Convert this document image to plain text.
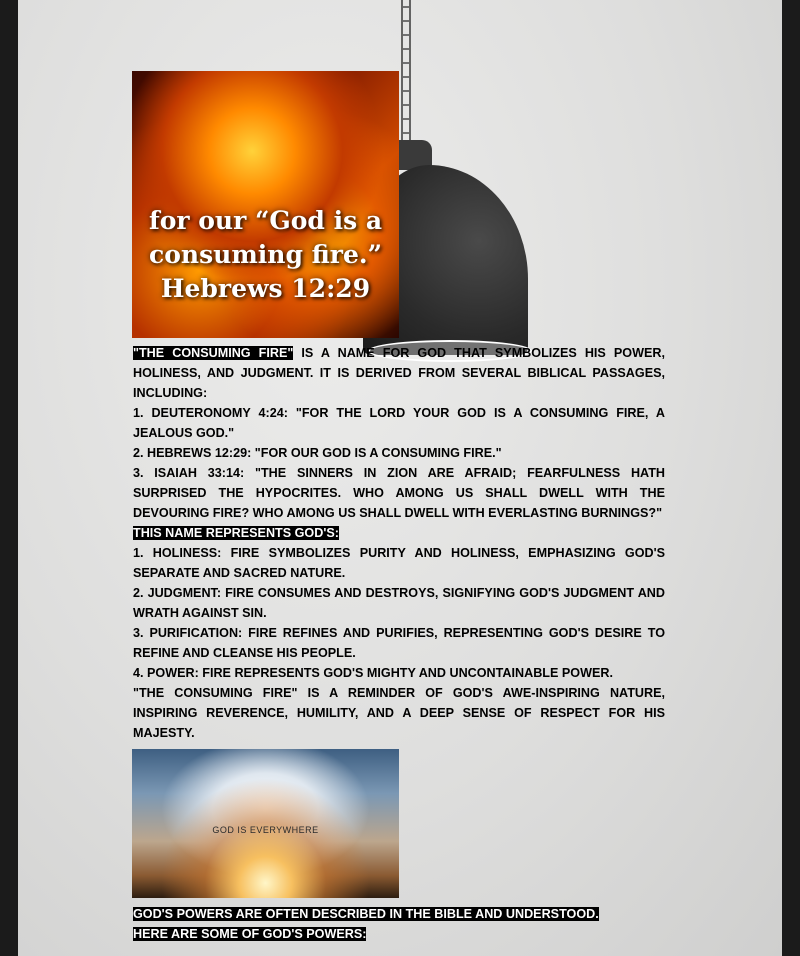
for our “God is a
consuming fire.”
Hebrews 12:29

"THE CONSUMING FIRE" IS A NAME FOR GOD THAT SYMBOLIZES HIS POWER, HOLINESS, AND JUDGMENT. IT IS DERIVED FROM SEVERAL BIBLICAL PASSAGES, INCLUDING:

1. DEUTERONOMY 4:24: "FOR THE LORD YOUR GOD IS A CONSUMING FIRE, A JEALOUS GOD."

2. HEBREWS 12:29: "FOR OUR GOD IS A CONSUMING FIRE."

3. ISAIAH 33:14: "THE SINNERS IN ZION ARE AFRAID; FEARFULNESS HATH SURPRISED THE HYPOCRITES. WHO AMONG US SHALL DWELL WITH THE DEVOURING FIRE? WHO AMONG US SHALL DWELL WITH EVERLASTING BURNINGS?"

THIS NAME REPRESENTS GOD'S:

1. HOLINESS: FIRE SYMBOLIZES PURITY AND HOLINESS, EMPHASIZING GOD'S SEPARATE AND SACRED NATURE.

2. JUDGMENT: FIRE CONSUMES AND DESTROYS, SIGNIFYING GOD'S JUDGMENT AND WRATH AGAINST SIN.

3. PURIFICATION: FIRE REFINES AND PURIFIES, REPRESENTING GOD'S DESIRE TO REFINE AND CLEANSE HIS PEOPLE.

4. POWER: FIRE REPRESENTS GOD'S MIGHTY AND UNCONTAINABLE POWER.

"THE CONSUMING FIRE" IS A REMINDER OF GOD'S AWE-INSPIRING NATURE, INSPIRING REVERENCE, HUMILITY, AND A DEEP SENSE OF RESPECT FOR HIS MAJESTY.

GOD IS EVERYWHERE

GOD'S POWERS ARE OFTEN DESCRIBED IN THE BIBLE AND UNDERSTOOD.

HERE ARE SOME OF GOD'S POWERS:
